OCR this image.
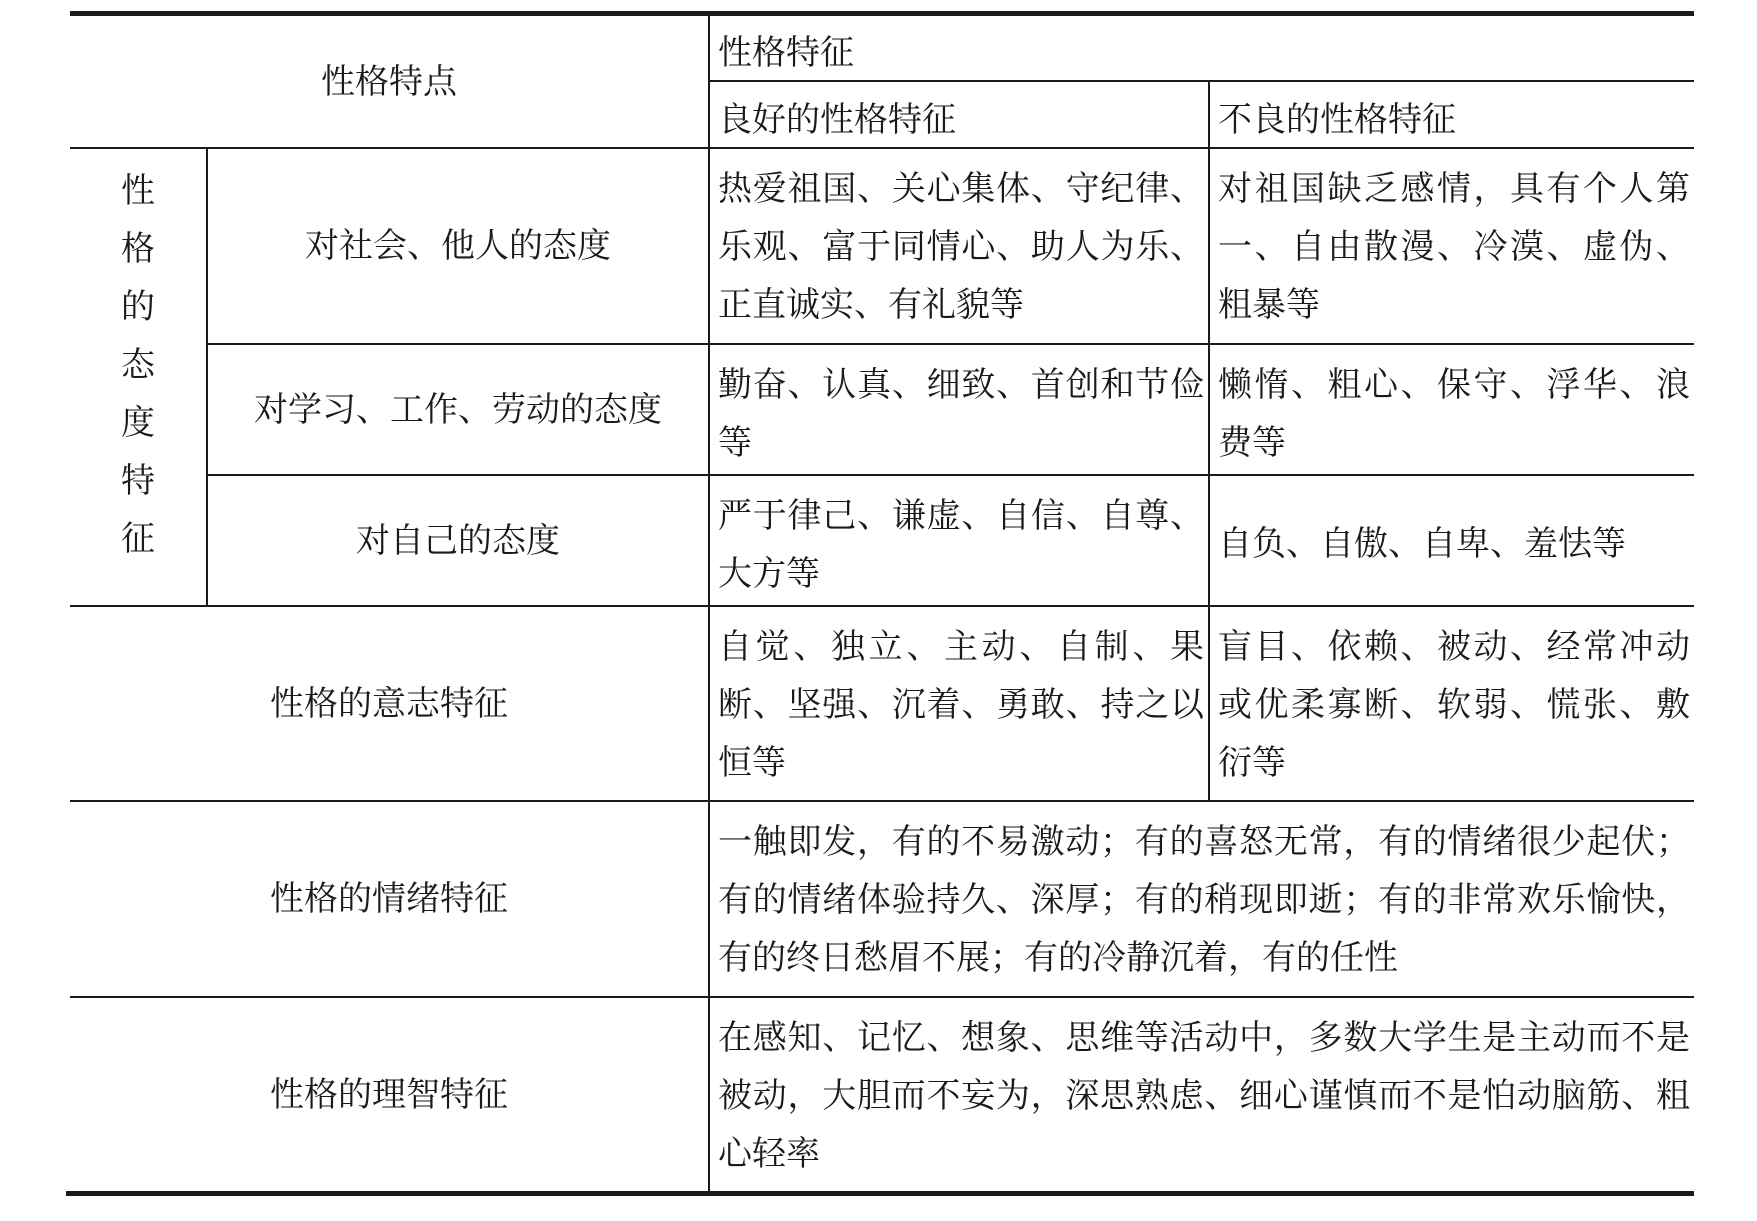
性格特点
性格特征
良好的性格特征	不良的性格特征
性
格
的
态
度
特
征
对社会、他人的态度
热爱祖国、关心集体、守纪律、乐观、富于同情心、助人为乐、正直诚实、有礼貌等
对祖国缺乏感情，具有个人第一、自由散漫、冷漠、虚伪、粗暴等
对学习、工作、劳动的态度
勤奋、认真、细致、首创和节俭等
懒惰、粗心、保守、浮华、浪费等
对自己的态度
严于律己、谦虚、自信、自尊、大方等
自负、自傲、自卑、羞怯等
性格的意志特征
自觉、独立、主动、自制、果断、坚强、沉着、勇敢、持之以恒等
盲目、依赖、被动、经常冲动或优柔寡断、软弱、慌张、敷衍等
性格的情绪特征
一触即发，有的不易激动；有的喜怒无常，有的情绪很少起伏；有的情绪体验持久、深厚；有的稍现即逝；有的非常欢乐愉快，有的终日愁眉不展；有的冷静沉着，有的任性
性格的理智特征
在感知、记忆、想象、思维等活动中，多数大学生是主动而不是被动，大胆而不妄为，深思熟虑、细心谨慎而不是怕动脑筋、粗心轻率
